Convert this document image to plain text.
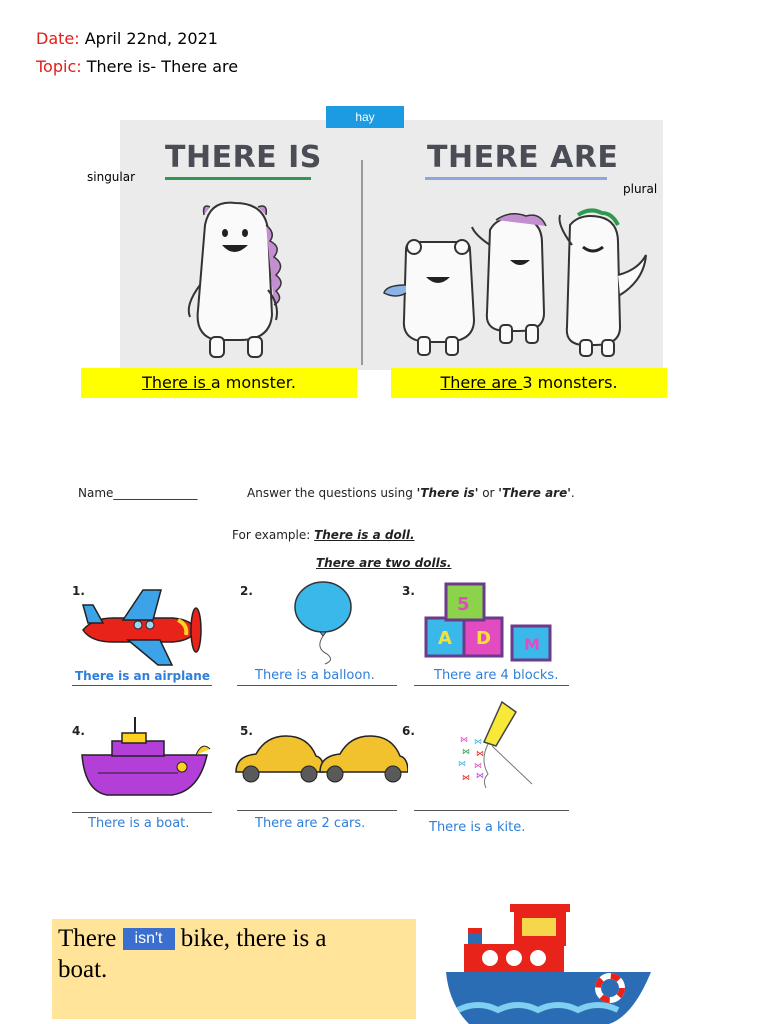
Date: April 22nd, 2021
Topic: There is- There are
hay
THERE IS	THERE ARE
singular
plural
There is a monster.	There are 3 monsters.
Name______________	Answer the questions using 'There is' or 'There are'.
For example: There is a doll.
There are two dolls.
1.	2.	3.
4.	5.	6.
A D
5
M
⋈ ⋈
⋈ ⋈
⋈ ⋈
⋈ ⋈
There is an airplane	There is a balloon.	There are 4 blocks.
There is a boat.	There are 2 cars.	There is a kite.
There isn't bike, there is a
boat.
